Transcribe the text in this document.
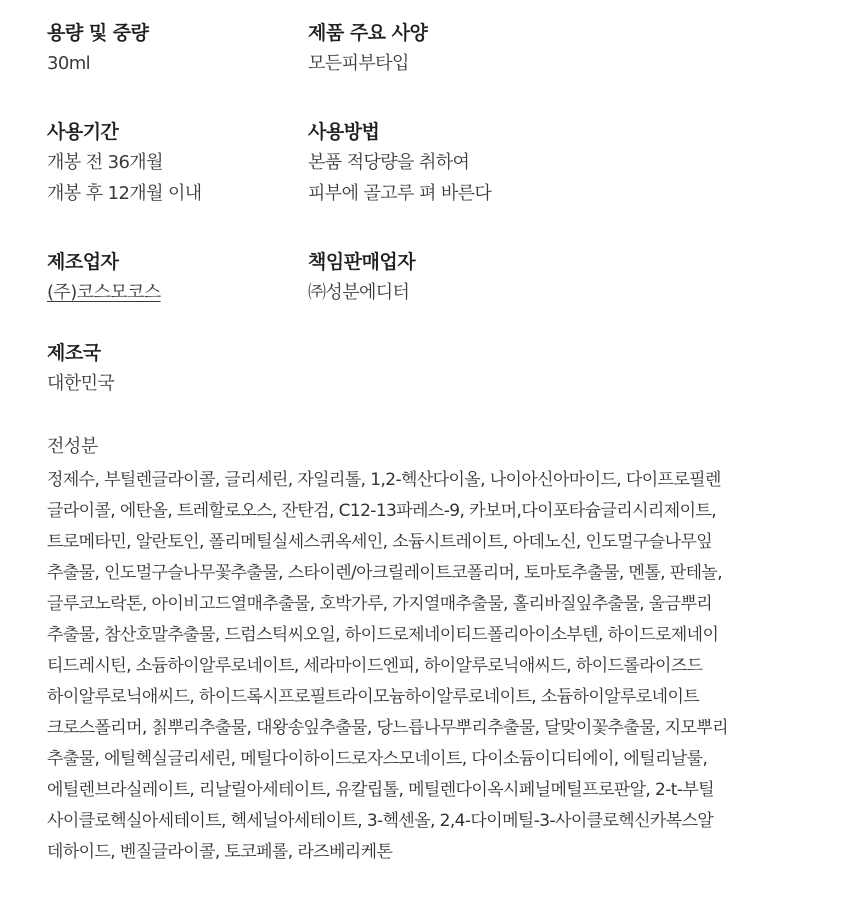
용량 및 중량
30ml
제품 주요 사양
모든피부타입
사용기간
개봉 전 36개월
개봉 후 12개월 이내
사용방법
본품 적당량을 취하여
피부에 골고루 펴 바른다
제조업자
(주)코스모코스
책임판매업자
㈜성분에디터
제조국
대한민국
전성분
정제수, 부틸렌글라이콜, 글리세린, 자일리톨, 1,2-헥산다이올, 나이아신아마이드, 다이프로필렌
글라이콜, 에탄올, 트레할로오스, 잔탄검, C12-13파레스-9, 카보머,다이포타슘글리시리제이트,
트로메타민, 알란토인, 폴리메틸실세스퀴옥세인, 소듐시트레이트, 아데노신, 인도멀구슬나무잎
추출물, 인도멀구슬나무꽃추출물, 스타이렌/아크릴레이트코폴리머, 토마토추출물, 멘톨, 판테놀,
글루코노락톤, 아이비고드열매추출물, 호박가루, 가지열매추출물, 홀리바질잎추출물, 울금뿌리
추출물, 참산호말추출물, 드럼스틱씨오일, 하이드로제네이티드폴리아이소부텐, 하이드로제네이
티드레시틴, 소듐하이알루로네이트, 세라마이드엔피, 하이알루로닉애씨드, 하이드롤라이즈드
하이알루로닉애씨드, 하이드록시프로필트라이모늄하이알루로네이트, 소듐하이알루로네이트
크로스폴리머, 칡뿌리추출물, 대왕송잎추출물, 당느릅나무뿌리추출물, 달맞이꽃추출물, 지모뿌리
추출물, 에틸헥실글리세린, 메틸다이하이드로자스모네이트, 다이소듐이디티에이, 에틸리날룰,
에틸렌브라실레이트, 리날릴아세테이트, 유칼립톨, 메틸렌다이옥시페닐메틸프로판알, 2-t-부틸
사이클로헥실아세테이트, 헥세닐아세테이트, 3-헥센올, 2,4-다이메틸-3-사이클로헥신카복스알
데하이드, 벤질글라이콜, 토코페롤, 라즈베리케톤
